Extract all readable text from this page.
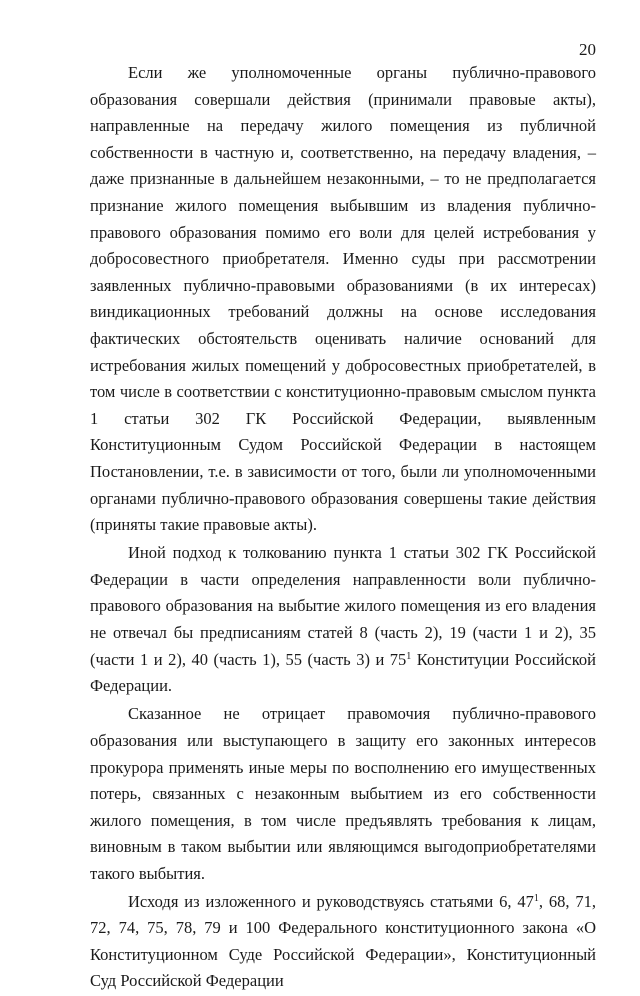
20

Если же уполномоченные органы публично-правового образования совершали действия (принимали правовые акты), направленные на передачу жилого помещения из публичной собственности в частную и, соответственно, на передачу владения, – даже признанные в дальнейшем незаконными, – то не предполагается признание жилого помещения выбывшим из владения публично-правового образования помимо его воли для целей истребования у добросовестного приобретателя. Именно суды при рассмотрении заявленных публично-правовыми образованиями (в их интересах) виндикационных требований должны на основе исследования фактических обстоятельств оценивать наличие оснований для истребования жилых помещений у добросовестных приобретателей, в том числе в соответствии с конституционно-правовым смыслом пункта 1 статьи 302 ГК Российской Федерации, выявленным Конституционным Судом Российской Федерации в настоящем Постановлении, т.е. в зависимости от того, были ли уполномоченными органами публично-правового образования совершены такие действия (приняты такие правовые акты).

Иной подход к толкованию пункта 1 статьи 302 ГК Российской Федерации в части определения направленности воли публично-правового образования на выбытие жилого помещения из его владения не отвечал бы предписаниям статей 8 (часть 2), 19 (части 1 и 2), 35 (части 1 и 2), 40 (часть 1), 55 (часть 3) и $75^1$ Конституции Российской Федерации.

Сказанное не отрицает правомочия публично-правового образования или выступающего в защиту его законных интересов прокурора применять иные меры по восполнению его имущественных потерь, связанных с незаконным выбытием из его собственности жилого помещения, в том числе предъявлять требования к лицам, виновным в таком выбытии или являющимся выгодоприобретателями такого выбытия.

Исходя из изложенного и руководствуясь статьями 6, $47^1$, 68, 71, 72, 74, 75, 78, 79 и 100 Федерального конституционного закона «О Конституционном Суде Российской Федерации», Конституционный Суд Российской Федерации
